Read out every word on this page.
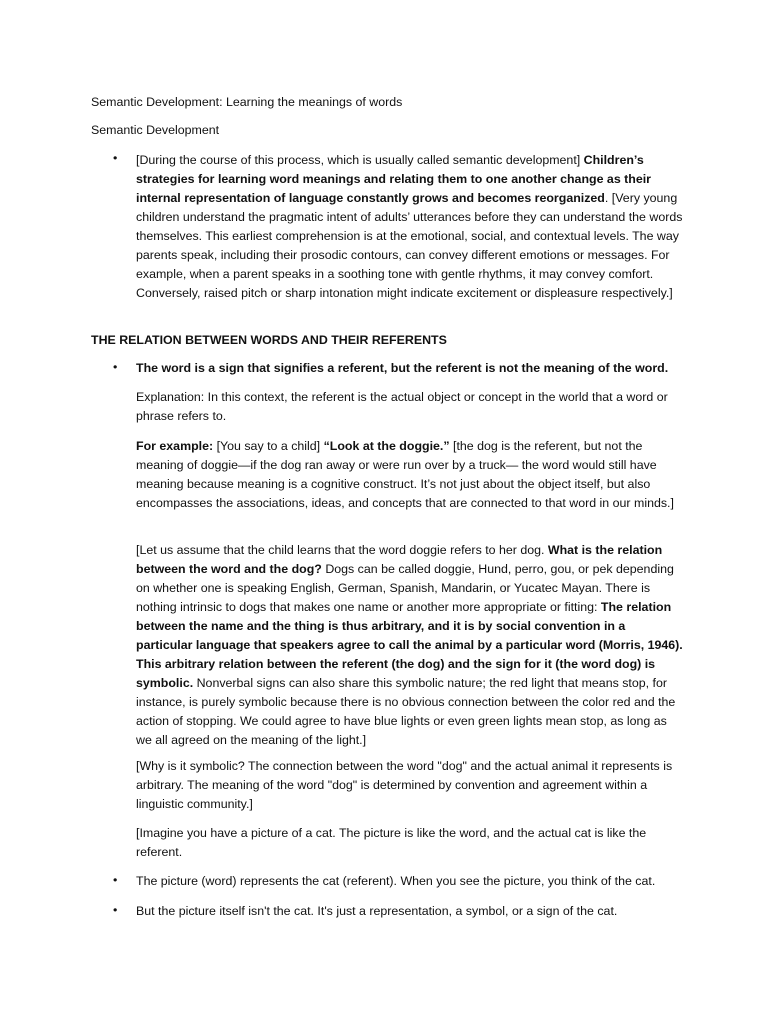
Semantic Development: Learning the meanings of words
Semantic Development
• [During the course of this process, which is usually called semantic development] Children’s strategies for learning word meanings and relating them to one another change as their internal representation of language constantly grows and becomes reorganized. [Very young children understand the pragmatic intent of adults’ utterances before they can understand the words themselves. This earliest comprehension is at the emotional, social, and contextual levels. The way parents speak, including their prosodic contours, can convey different emotions or messages. For example, when a parent speaks in a soothing tone with gentle rhythms, it may convey comfort. Conversely, raised pitch or sharp intonation might indicate excitement or displeasure respectively.]
THE RELATION BETWEEN WORDS AND THEIR REFERENTS
• The word is a sign that signifies a referent, but the referent is not the meaning of the word.
Explanation: In this context, the referent is the actual object or concept in the world that a word or phrase refers to.
For example: [You say to a child] “Look at the doggie.” [the dog is the referent, but not the meaning of doggie—if the dog ran away or were run over by a truck— the word would still have meaning because meaning is a cognitive construct. It’s not just about the object itself, but also encompasses the associations, ideas, and concepts that are connected to that word in our minds.]
[Let us assume that the child learns that the word doggie refers to her dog. What is the relation between the word and the dog? Dogs can be called doggie, Hund, perro, gou, or pek depending on whether one is speaking English, German, Spanish, Mandarin, or Yucatec Mayan. There is nothing intrinsic to dogs that makes one name or another more appropriate or fitting: The relation between the name and the thing is thus arbitrary, and it is by social convention in a particular language that speakers agree to call the animal by a particular word (Morris, 1946). This arbitrary relation between the referent (the dog) and the sign for it (the word dog) is symbolic. Nonverbal signs can also share this symbolic nature; the red light that means stop, for instance, is purely symbolic because there is no obvious connection between the color red and the action of stopping. We could agree to have blue lights or even green lights mean stop, as long as we all agreed on the meaning of the light.]
[Why is it symbolic? The connection between the word "dog" and the actual animal it represents is arbitrary. The meaning of the word "dog" is determined by convention and agreement within a linguistic community.]
[Imagine you have a picture of a cat. The picture is like the word, and the actual cat is like the referent.
• The picture (word) represents the cat (referent). When you see the picture, you think of the cat.
• But the picture itself isn't the cat. It's just a representation, a symbol, or a sign of the cat.
